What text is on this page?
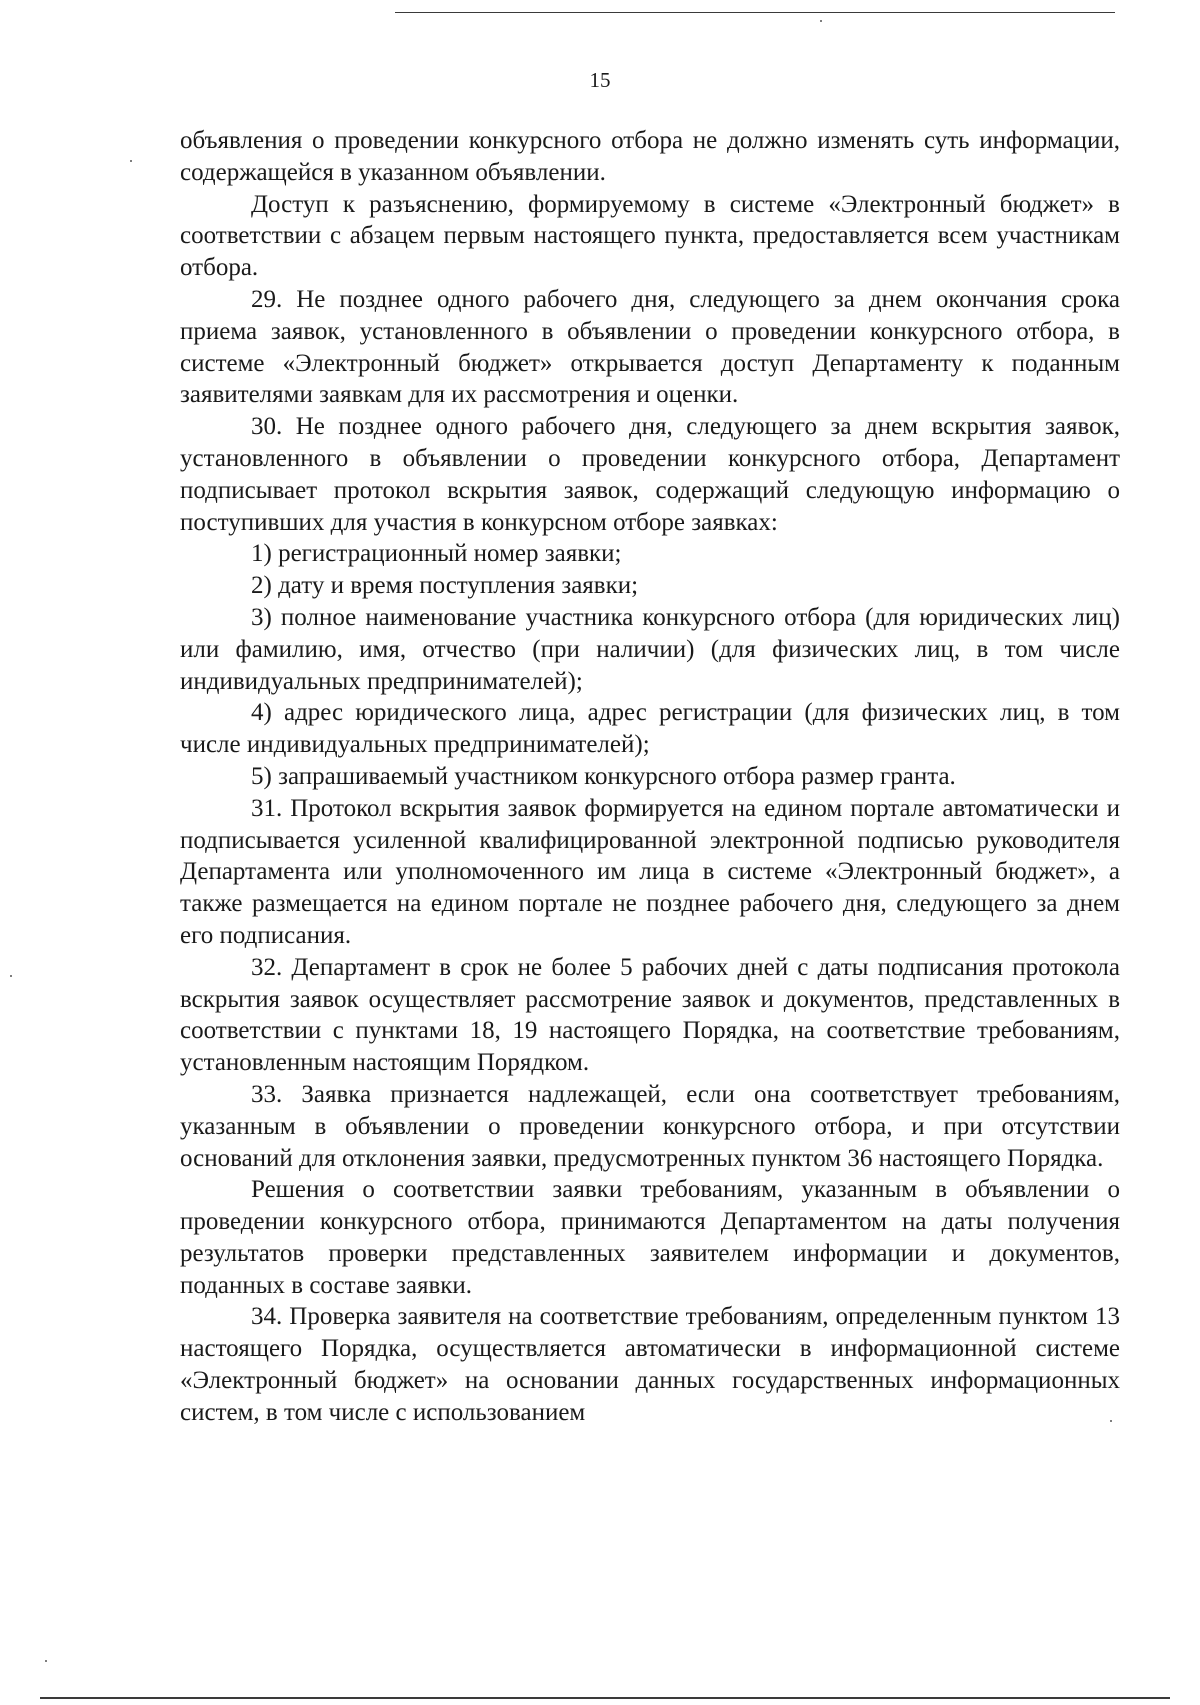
15

объявления о проведении конкурсного отбора не должно изменять суть информации, содержащейся в указанном объявлении.

Доступ к разъяснению, формируемому в системе «Электронный бюджет» в соответствии с абзацем первым настоящего пункта, предоставляется всем участникам отбора.

29. Не позднее одного рабочего дня, следующего за днем окончания срока приема заявок, установленного в объявлении о проведении конкурсного отбора, в системе «Электронный бюджет» открывается доступ Департаменту к поданным заявителями заявкам для их рассмотрения и оценки.

30. Не позднее одного рабочего дня, следующего за днем вскрытия заявок, установленного в объявлении о проведении конкурсного отбора, Департамент подписывает протокол вскрытия заявок, содержащий следующую информацию о поступивших для участия в конкурсном отборе заявках:

1) регистрационный номер заявки;

2) дату и время поступления заявки;

3) полное наименование участника конкурсного отбора (для юридических лиц) или фамилию, имя, отчество (при наличии) (для физических лиц, в том числе индивидуальных предпринимателей);

4) адрес юридического лица, адрес регистрации (для физических лиц, в том числе индивидуальных предпринимателей);

5) запрашиваемый участником конкурсного отбора размер гранта.

31. Протокол вскрытия заявок формируется на едином портале автоматически и подписывается усиленной квалифицированной электронной подписью руководителя Департамента или уполномоченного им лица в системе «Электронный бюджет», а также размещается на едином портале не позднее рабочего дня, следующего за днем его подписания.

32. Департамент в срок не более 5 рабочих дней с даты подписания протокола вскрытия заявок осуществляет рассмотрение заявок и документов, представленных в соответствии с пунктами 18, 19 настоящего Порядка, на соответствие требованиям, установленным настоящим Порядком.

33. Заявка признается надлежащей, если она соответствует требованиям, указанным в объявлении о проведении конкурсного отбора, и при отсутствии оснований для отклонения заявки, предусмотренных пунктом 36 настоящего Порядка.

Решения о соответствии заявки требованиям, указанным в объявлении о проведении конкурсного отбора, принимаются Департаментом на даты получения результатов проверки представленных заявителем информации и документов, поданных в составе заявки.

34. Проверка заявителя на соответствие требованиям, определенным пунктом 13 настоящего Порядка, осуществляется автоматически в информационной системе «Электронный бюджет» на основании данных государственных информационных систем, в том числе с использованием
